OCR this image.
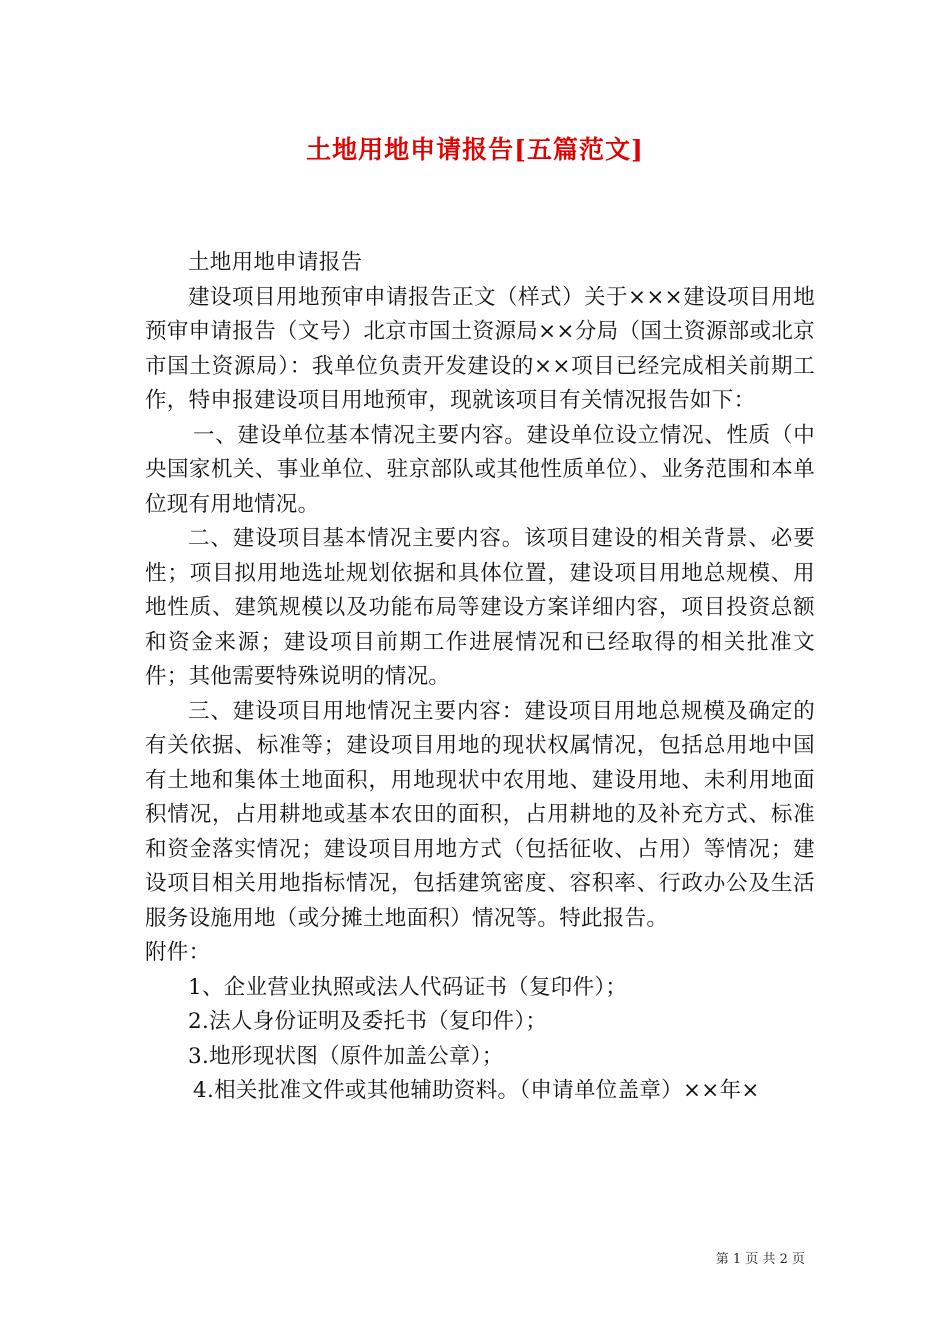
土地用地申请报告[五篇范文]

土地用地申请报告

建设项目用地预审申请报告正文（样式）关于×××建设项目用地预审申请报告（文号）北京市国土资源局××分局（国土资源部或北京市国土资源局）：我单位负责开发建设的××项目已经完成相关前期工作，特申报建设项目用地预审，现就该项目有关情况报告如下：

一、建设单位基本情况主要内容。建设单位设立情况、性质（中央国家机关、事业单位、驻京部队或其他性质单位）、业务范围和本单位现有用地情况。

二、建设项目基本情况主要内容。该项目建设的相关背景、必要性；项目拟用地选址规划依据和具体位置，建设项目用地总规模、用地性质、建筑规模以及功能布局等建设方案详细内容，项目投资总额和资金来源；建设项目前期工作进展情况和已经取得的相关批准文件；其他需要特殊说明的情况。

三、建设项目用地情况主要内容：建设项目用地总规模及确定的有关依据、标准等；建设项目用地的现状权属情况，包括总用地中国有土地和集体土地面积，用地现状中农用地、建设用地、未利用地面积情况，占用耕地或基本农田的面积，占用耕地的及补充方式、标准和资金落实情况；建设项目用地方式（包括征收、占用）等情况；建设项目相关用地指标情况，包括建筑密度、容积率、行政办公及生活服务设施用地（或分摊土地面积）情况等。特此报告。

附件：

1、企业营业执照或法人代码证书（复印件）；

2.法人身份证明及委托书（复印件）；

3.地形现状图（原件加盖公章）；

4.相关批准文件或其他辅助资料。（申请单位盖章）××年×

第 1 页 共 2 页
